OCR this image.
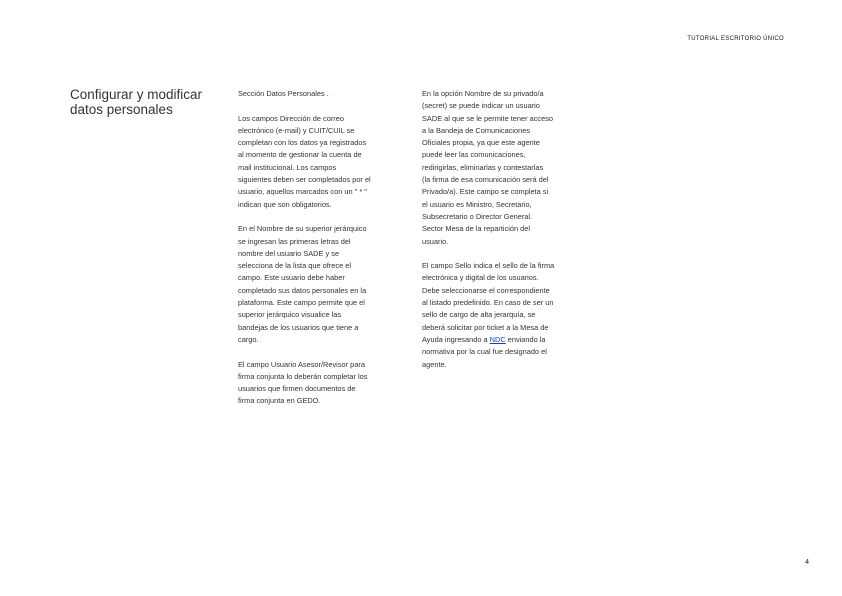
TUTORIAL ESCRITORIO ÚNICO
Configurar y modificar
datos personales

Sección Datos Personales .

Los campos Dirección de correo
electrónico (e-mail) y CUIT/CUIL se
completan con los datos ya registrados
al momento de gestionar la cuenta de
mail institucional. Los campos
siguientes deben ser completados por el
usuario, aquellos marcados con un " * "
indican que son obligatorios.

En el Nombre de su superior jerárquico
se ingresan las primeras letras del
nombre del usuario SADE y se
selecciona de la lista que ofrece el
campo. Este usuario debe haber
completado sus datos personales en la
plataforma. Este campo permite que el
superior jerárquico visualice las
bandejas de los usuarios que tiene a
cargo.

El campo Usuario Asesor/Revisor para
firma conjunta lo deberán completar los
usuarios que firmen documentos de
firma conjunta en GEDO.

En la opción Nombre de su privado/a
(secret) se puede indicar un usuario
SADE al que se le permite tener acceso
a la Bandeja de Comunicaciones
Oficiales propia, ya que este agente
puede leer las comunicaciones,
redirigirlas, eliminarlas y contestarlas
(la firma de esa comunicación será del
Privado/a). Este campo se completa si
el usuario es Ministro, Secretario,
Subsecretario o Director General.
Sector Mesa de la repartición del
usuario.

El campo Sello indica el sello de la firma
electrónica y digital de los usuarios.
Debe seleccionarse el correspondiente
al listado predefinido. En caso de ser un
sello de cargo de alta jerarquía, se
deberá solicitar por ticket a la Mesa de
Ayuda ingresando a NDC enviando la
normativa por la cual fue designado el
agente.

4
